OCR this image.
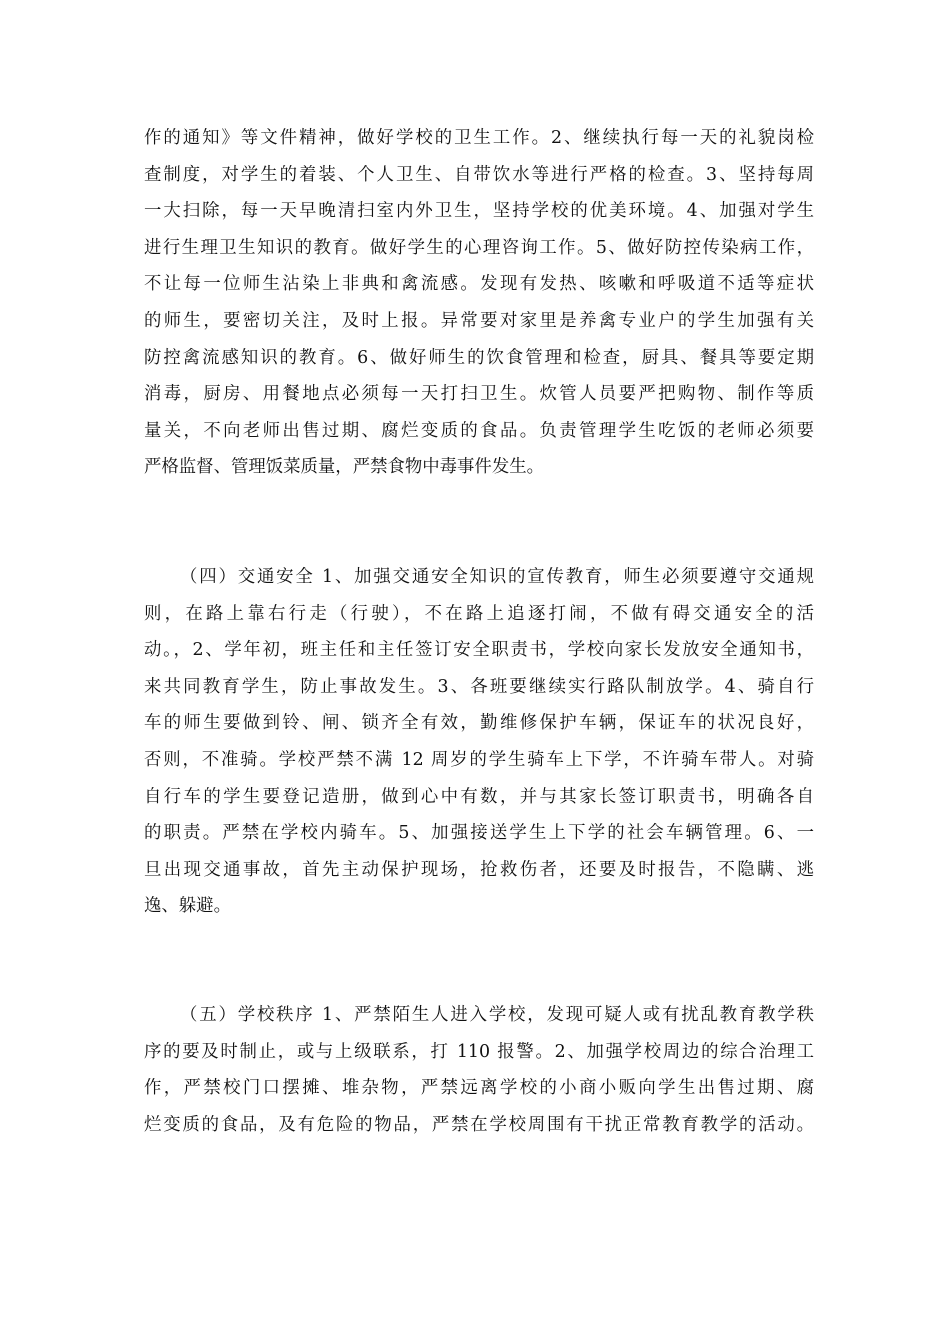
作的通知》等文件精神，做好学校的卫生工作。2、继续执行每一天的礼貌岗检
查制度，对学生的着装、个人卫生、自带饮水等进行严格的检查。3、坚持每周
一大扫除，每一天早晚清扫室内外卫生，坚持学校的优美环境。4、加强对学生
进行生理卫生知识的教育。做好学生的心理咨询工作。5、做好防控传染病工作，
不让每一位师生沾染上非典和禽流感。发现有发热、咳嗽和呼吸道不适等症状
的师生，要密切关注，及时上报。异常要对家里是养禽专业户的学生加强有关
防控禽流感知识的教育。6、做好师生的饮食管理和检查，厨具、餐具等要定期
消毒，厨房、用餐地点必须每一天打扫卫生。炊管人员要严把购物、制作等质
量关，不向老师出售过期、腐烂变质的食品。负责管理学生吃饭的老师必须要
严格监督、管理饭菜质量，严禁食物中毒事件发生。
（四）交通安全 1、加强交通安全知识的宣传教育，师生必须要遵守交通规
则，在路上靠右行走（行驶），不在路上追逐打闹，不做有碍交通安全的活
动。，2、学年初，班主任和主任签订安全职责书，学校向家长发放安全通知书，
来共同教育学生，防止事故发生。3、各班要继续实行路队制放学。4、骑自行
车的师生要做到铃、闸、锁齐全有效，勤维修保护车辆，保证车的状况良好，
否则，不准骑。学校严禁不满 12 周岁的学生骑车上下学，不许骑车带人。对骑
自行车的学生要登记造册，做到心中有数，并与其家长签订职责书，明确各自
的职责。严禁在学校内骑车。5、加强接送学生上下学的社会车辆管理。6、一
旦出现交通事故，首先主动保护现场，抢救伤者，还要及时报告，不隐瞒、逃
逸、躲避。
（五）学校秩序 1、严禁陌生人进入学校，发现可疑人或有扰乱教育教学秩
序的要及时制止，或与上级联系，打 110 报警。2、加强学校周边的综合治理工
作，严禁校门口摆摊、堆杂物，严禁远离学校的小商小贩向学生出售过期、腐
烂变质的食品，及有危险的物品，严禁在学校周围有干扰正常教育教学的活动。
